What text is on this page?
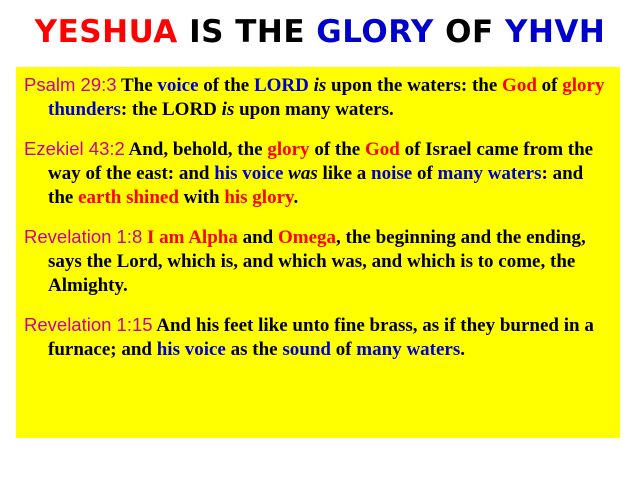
YESHUA IS THE GLORY OF YHVH

Psalm 29:3 The voice of the LORD is upon the waters: the God of glory thunders: the LORD is upon many waters.

Ezekiel 43:2 And, behold, the glory of the God of Israel came from the way of the east: and his voice was like a noise of many waters: and the earth shined with his glory.

Revelation 1:8 I am Alpha and Omega, the beginning and the ending, says the Lord, which is, and which was, and which is to come, the Almighty.

Revelation 1:15 And his feet like unto fine brass, as if they burned in a furnace; and his voice as the sound of many waters.
